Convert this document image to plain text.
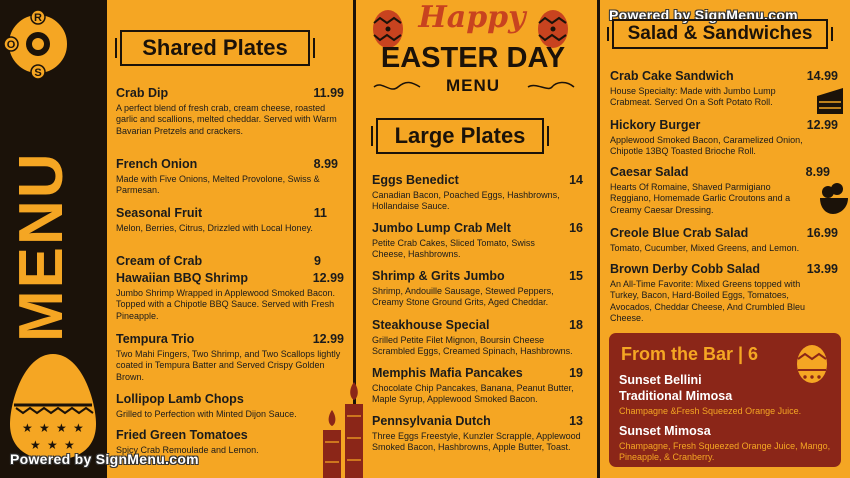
R
O
S
MENU
★ ★ ★ ★
★ ★ ★
Powered by SignMenu.com
Powered by SignMenu.com
Shared Plates
Crab Dip	11.99
A perfect blend of fresh crab, cream cheese, roasted garlic and scallions, melted cheddar. Served with Warm Bavarian Pretzels and crackers.
French Onion	8.99
Made with Five Onions, Melted Provolone, Swiss & Parmesan.
Seasonal Fruit	11
Melon, Berries, Citrus, Drizzled with Local Honey.
Cream of Crab	9
Hawaiian BBQ Shrimp	12.99
Jumbo Shrimp Wrapped in Applewood Smoked Bacon. Topped with a Chipotle BBQ Sauce. Served with Fresh Pineapple.
Tempura Trio	12.99
Two Mahi Fingers, Two Shrimp, and Two Scallops lightly coated in Tempura Batter and Served Crispy Golden Brown.
Lollipop Lamb Chops
Grilled to Perfection with Minted Dijon Sauce.
Fried Green Tomatoes
Spicy Crab Remoulade and Lemon.
Happy
EASTER DAY
MENU
Large Plates
Eggs Benedict	14
Canadian Bacon, Poached Eggs, Hashbrowns, Hollandaise Sauce.
Jumbo Lump Crab Melt	16
Petite Crab Cakes, Sliced Tomato, Swiss Cheese, Hashbrowns.
Shrimp & Grits Jumbo	15
Shrimp, Andouille Sausage, Stewed Peppers, Creamy Stone Ground Grits, Aged Cheddar.
Steakhouse Special	18
Grilled Petite Filet Mignon, Boursin Cheese Scrambled Eggs, Creamed Spinach, Hashbrowns.
Memphis Mafia Pancakes	19
Chocolate Chip Pancakes, Banana, Peanut Butter, Maple Syrup, Applewood Smoked Bacon.
Pennsylvania Dutch	13
Three Eggs Freestyle, Kunzler Scrapple, Applewood Smoked Bacon, Hashbrowns, Apple Butter, Toast.
Salad & Sandwiches
Crab Cake Sandwich	14.99
House Specialty: Made with Jumbo Lump Crabmeat. Served On a Soft Potato Roll.
Hickory Burger	12.99
Applewood Smoked Bacon, Caramelized Onion, Chipotle 13BQ Toasted Brioche Roll.
Caesar Salad	8.99
Hearts Of Romaine, Shaved Parmigiano Reggiano, Homemade Garlic Croutons and a Creamy Caesar Dressing.
Creole Blue Crab Salad	16.99
Tomato, Cucumber, Mixed Greens, and Lemon.
Brown Derby Cobb Salad	13.99
An All-Time Favorite: Mixed Greens topped with Turkey, Bacon, Hard-Boiled Eggs, Tomatoes, Avocados, Cheddar Cheese, And Crumbled Bleu Cheese.
From the Bar | 6
Sunset Bellini
Traditional Mimosa
Champagne &Fresh Squeezed Orange Juice.
Sunset Mimosa
Champagne, Fresh Squeezed Orange Juice, Mango, Pineapple, & Cranberry.
